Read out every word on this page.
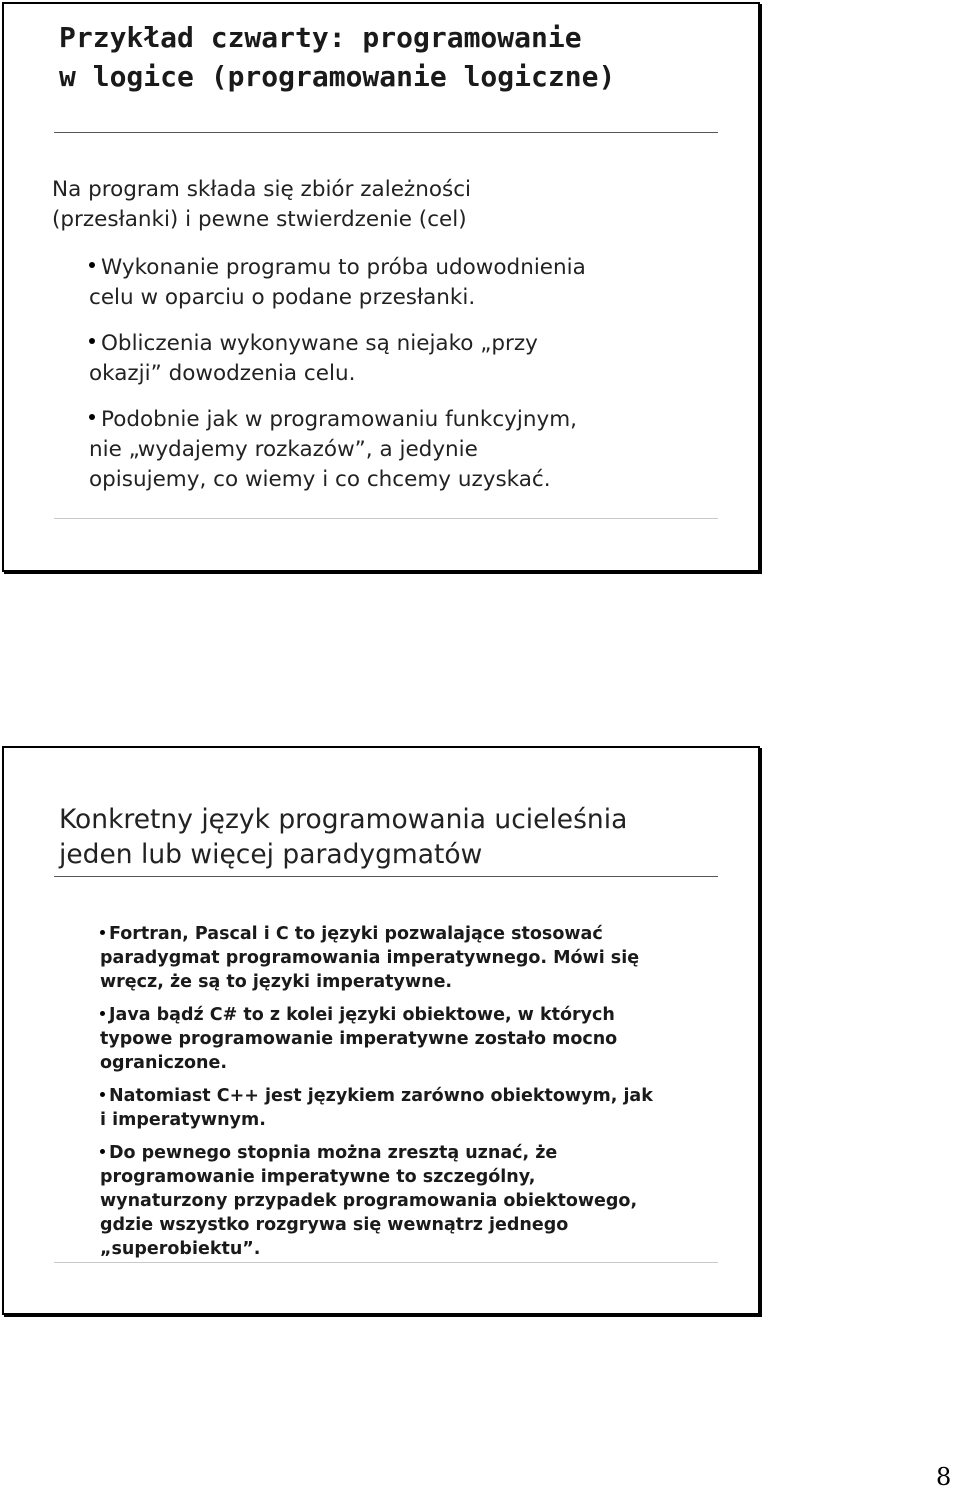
Przykład czwarty: programowanie
w logice (programowanie logiczne)

Na program składa się zbiór zależności
(przesłanki) i pewne stwierdzenie (cel)

Wykonanie programu to próba udowodnienia
celu w oparciu o podane przesłanki.
Obliczenia wykonywane są niejako „przy
okazji” dowodzenia celu.
Podobnie jak w programowaniu funkcyjnym,
nie „wydajemy rozkazów”, a jedynie
opisujemy, co wiemy i co chcemy uzyskać.
Konkretny język programowania ucieleśnia
jeden lub więcej paradygmatów
Fortran, Pascal i C to języki pozwalające stosować
paradygmat programowania imperatywnego. Mówi się
wręcz, że są to języki imperatywne.
Java bądź C# to z kolei języki obiektowe, w których
typowe programowanie imperatywne zostało mocno
ograniczone.
Natomiast C++ jest językiem zarówno obiektowym, jak
i imperatywnym.
Do pewnego stopnia można zresztą uznać, że
programowanie imperatywne to szczególny,
wynaturzony przypadek programowania obiektowego,
gdzie wszystko rozgrywa się wewnątrz jednego
„superobiektu”.
8
